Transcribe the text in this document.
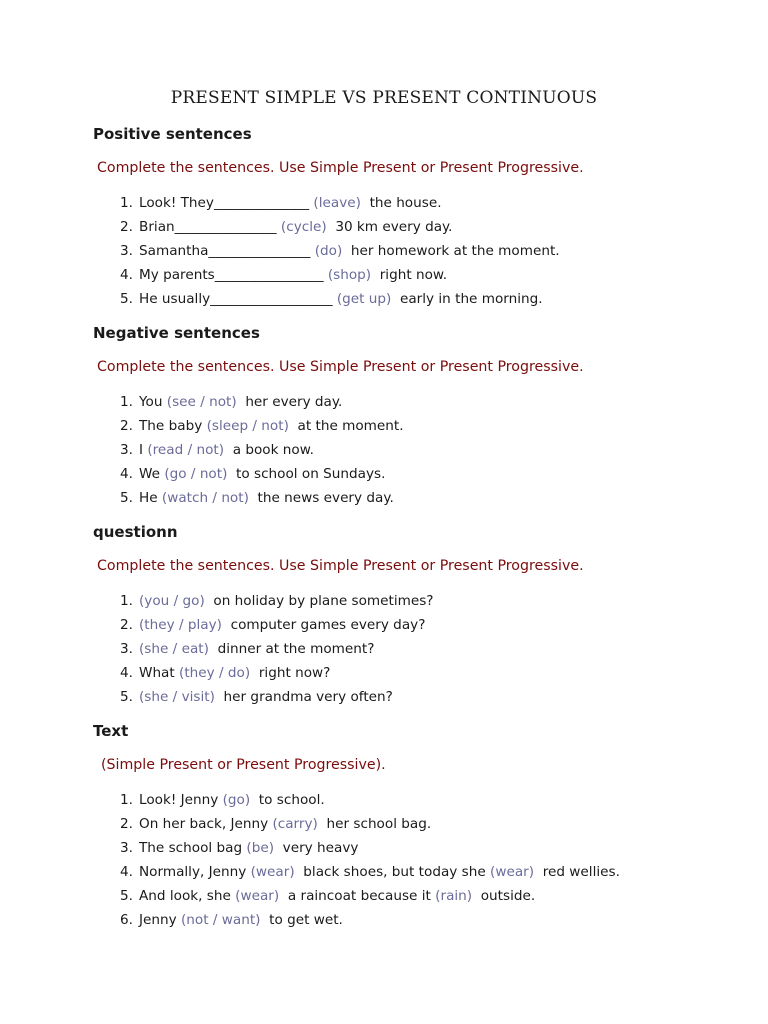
PRESENT SIMPLE VS PRESENT CONTINUOUS
Positive sentences
Complete the sentences. Use Simple Present or Present Progressive.
1. Look! They______________ (leave)  the house.
2. Brian_______________ (cycle)  30 km every day.
3. Samantha_______________ (do)  her homework at the moment.
4. My parents________________ (shop)  right now.
5. He usually__________________ (get up)  early in the morning.
Negative sentences
Complete the sentences. Use Simple Present or Present Progressive.
1. You (see / not)  her every day.
2. The baby (sleep / not)  at the moment.
3. I (read / not)  a book now.
4. We (go / not)  to school on Sundays.
5. He (watch / not)  the news every day.
questionn
Complete the sentences. Use Simple Present or Present Progressive.
1. (you / go)  on holiday by plane sometimes?
2. (they / play)  computer games every day?
3. (she / eat)  dinner at the moment?
4. What (they / do)  right now?
5. (she / visit)  her grandma very often?
Text
(Simple Present or Present Progressive).
1. Look! Jenny (go)  to school.
2. On her back, Jenny (carry)  her school bag.
3. The school bag (be)  very heavy
4. Normally, Jenny (wear)  black shoes, but today she (wear)  red wellies.
5. And look, she (wear)  a raincoat because it (rain)  outside.
6. Jenny (not / want)  to get wet.
